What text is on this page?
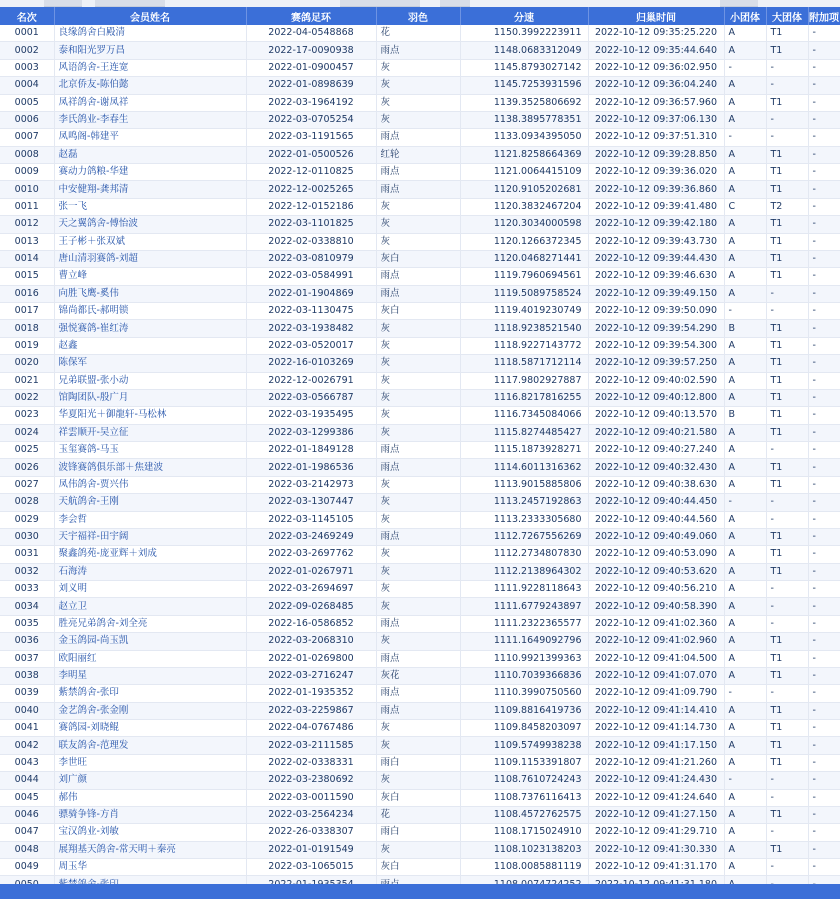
名次	会员姓名	赛鸽足环	羽色	分速	归巢时间	小团体	大团体	附加项
0001	良缘鸽舍白殿清	2022-04-0548868	花	1150.3992223911	2022-10-12 09:35:25.220	A	T1	-
0002	泰和阳光罗万昌	2022-17-0090938	雨点	1148.0683312049	2022-10-12 09:35:44.640	A	T1	-
0003	风语鸽舍-王连宽	2022-01-0900457	灰	1145.8793027142	2022-10-12 09:36:02.950	-	-	-
0004	北京侨友-陈伯懿	2022-01-0898639	灰	1145.7253931596	2022-10-12 09:36:04.240	A	-	-
0005	凤祥鸽舍-谢凤祥	2022-03-1964192	灰	1139.3525806692	2022-10-12 09:36:57.960	A	T1	-
0006	李氏鸽业-李春生	2022-03-0705254	灰	1138.3895778351	2022-10-12 09:37:06.130	A	-	-
0007	凤鸣阁-韩建平	2022-03-1191565	雨点	1133.0934395050	2022-10-12 09:37:51.310	-	-	-
0008	赵磊	2022-01-0500526	红轮	1121.8258664369	2022-10-12 09:39:28.850	A	T1	-
0009	赛动力鸽粮-华建	2022-12-0110825	雨点	1121.0064415109	2022-10-12 09:39:36.020	A	T1	-
0010	中安健翔-龚邦清	2022-12-0025265	雨点	1120.9105202681	2022-10-12 09:39:36.860	A	T1	-
0011	张一飞	2022-12-0152186	灰	1120.3832467204	2022-10-12 09:39:41.480	C	T2	-
0012	天之翼鸽舍-傅怡波	2022-03-1101825	灰	1120.3034000598	2022-10-12 09:39:42.180	A	T1	-
0013	王子彬＋张双斌	2022-02-0338810	灰	1120.1266372345	2022-10-12 09:39:43.730	A	T1	-
0014	唐山清羽赛鸽-刘超	2022-03-0810979	灰白	1120.0468271441	2022-10-12 09:39:44.430	A	T1	-
0015	曹立峰	2022-03-0584991	雨点	1119.7960694561	2022-10-12 09:39:46.630	A	T1	-
0016	向胜飞鹰-奚伟	2022-01-1904869	雨点	1119.5089758524	2022-10-12 09:39:49.150	A	-	-
0017	锦尚都氏-郝明锁	2022-03-1130475	灰白	1119.4019230749	2022-10-12 09:39:50.090	-	-	-
0018	强悦赛鸽-崔红涛	2022-03-1938482	灰	1118.9238521540	2022-10-12 09:39:54.290	B	T1	-
0019	赵鑫	2022-03-0520017	灰	1118.9227143772	2022-10-12 09:39:54.300	A	T1	-
0020	陈保军	2022-16-0103269	灰	1118.5871712114	2022-10-12 09:39:57.250	A	T1	-
0021	兄弟联盟-张小动	2022-12-0026791	灰	1117.9802927887	2022-10-12 09:40:02.590	A	T1	-
0022	馆陶团队-殷广月	2022-03-0566787	灰	1116.8217816255	2022-10-12 09:40:12.800	A	T1	-
0023	华夏阳光＋御龍轩-马松林	2022-03-1935495	灰	1116.7345084066	2022-10-12 09:40:13.570	B	T1	-
0024	祥雲顺开-吴立征	2022-03-1299386	灰	1115.8274485427	2022-10-12 09:40:21.580	A	T1	-
0025	玉玺赛鸽-马玉	2022-01-1849128	雨点	1115.1873928271	2022-10-12 09:40:27.240	A	-	-
0026	波锋赛鸽俱乐部＋焦建波	2022-01-1986536	雨点	1114.6011316362	2022-10-12 09:40:32.430	A	T1	-
0027	凤伟鸽舍-贾兴伟	2022-03-2142973	灰	1113.9015885806	2022-10-12 09:40:38.630	A	T1	-
0028	天航鸽舍-王刚	2022-03-1307447	灰	1113.2457192863	2022-10-12 09:40:44.450	-	-	-
0029	李会哲	2022-03-1145105	灰	1113.2333305680	2022-10-12 09:40:44.560	A	-	-
0030	天宇福祥-田宇阔	2022-03-2469249	雨点	1112.7267556269	2022-10-12 09:40:49.060	A	T1	-
0031	聚鑫鸽苑-庞亚辉＋刘成	2022-03-2697762	灰	1112.2734807830	2022-10-12 09:40:53.090	A	T1	-
0032	石海涛	2022-01-0267971	灰	1112.2138964302	2022-10-12 09:40:53.620	A	T1	-
0033	刘义明	2022-03-2694697	灰	1111.9228118643	2022-10-12 09:40:56.210	A	-	-
0034	赵立卫	2022-09-0268485	灰	1111.6779243897	2022-10-12 09:40:58.390	A	-	-
0035	胜亮兄弟鸽舍-刘全亮	2022-16-0586852	雨点	1111.2322365577	2022-10-12 09:41:02.360	A	-	-
0036	金玉鸽园-尚玉凯	2022-03-2068310	灰	1111.1649092796	2022-10-12 09:41:02.960	A	T1	-
0037	欧阳丽红	2022-01-0269800	雨点	1110.9921399363	2022-10-12 09:41:04.500	A	T1	-
0038	李明星	2022-03-2716247	灰花	1110.7039366836	2022-10-12 09:41:07.070	A	T1	-
0039	紫禁鸽舍-张印	2022-01-1935352	雨点	1110.3990750560	2022-10-12 09:41:09.790	-	-	-
0040	金艺鸽舍-张金刚	2022-03-2259867	雨点	1109.8816419736	2022-10-12 09:41:14.410	A	T1	-
0041	赛鸽园-刘晓鲲	2022-04-0767486	灰	1109.8458203097	2022-10-12 09:41:14.730	A	T1	-
0042	联友鸽舍-范理发	2022-03-2111585	灰	1109.5749938238	2022-10-12 09:41:17.150	A	T1	-
0043	李世旺	2022-02-0338331	雨白	1109.1153391807	2022-10-12 09:41:21.260	A	T1	-
0044	刘广颜	2022-03-2380692	灰	1108.7610724243	2022-10-12 09:41:24.430	-	-	-
0045	郝伟	2022-03-0011590	灰白	1108.7376116413	2022-10-12 09:41:24.640	A	-	-
0046	骠骑争锋-方肖	2022-03-2564234	花	1108.4572762575	2022-10-12 09:41:27.150	A	T1	-
0047	宝汉鸽业-刘敏	2022-26-0338307	雨白	1108.1715024910	2022-10-12 09:41:29.710	A	-	-
0048	展翔基天鸽舍-常天明＋秦亮	2022-01-0191549	灰	1108.1023138203	2022-10-12 09:41:30.330	A	T1	-
0049	周玉华	2022-03-1065015	灰白	1108.0085881119	2022-10-12 09:41:31.170	A	-	-
